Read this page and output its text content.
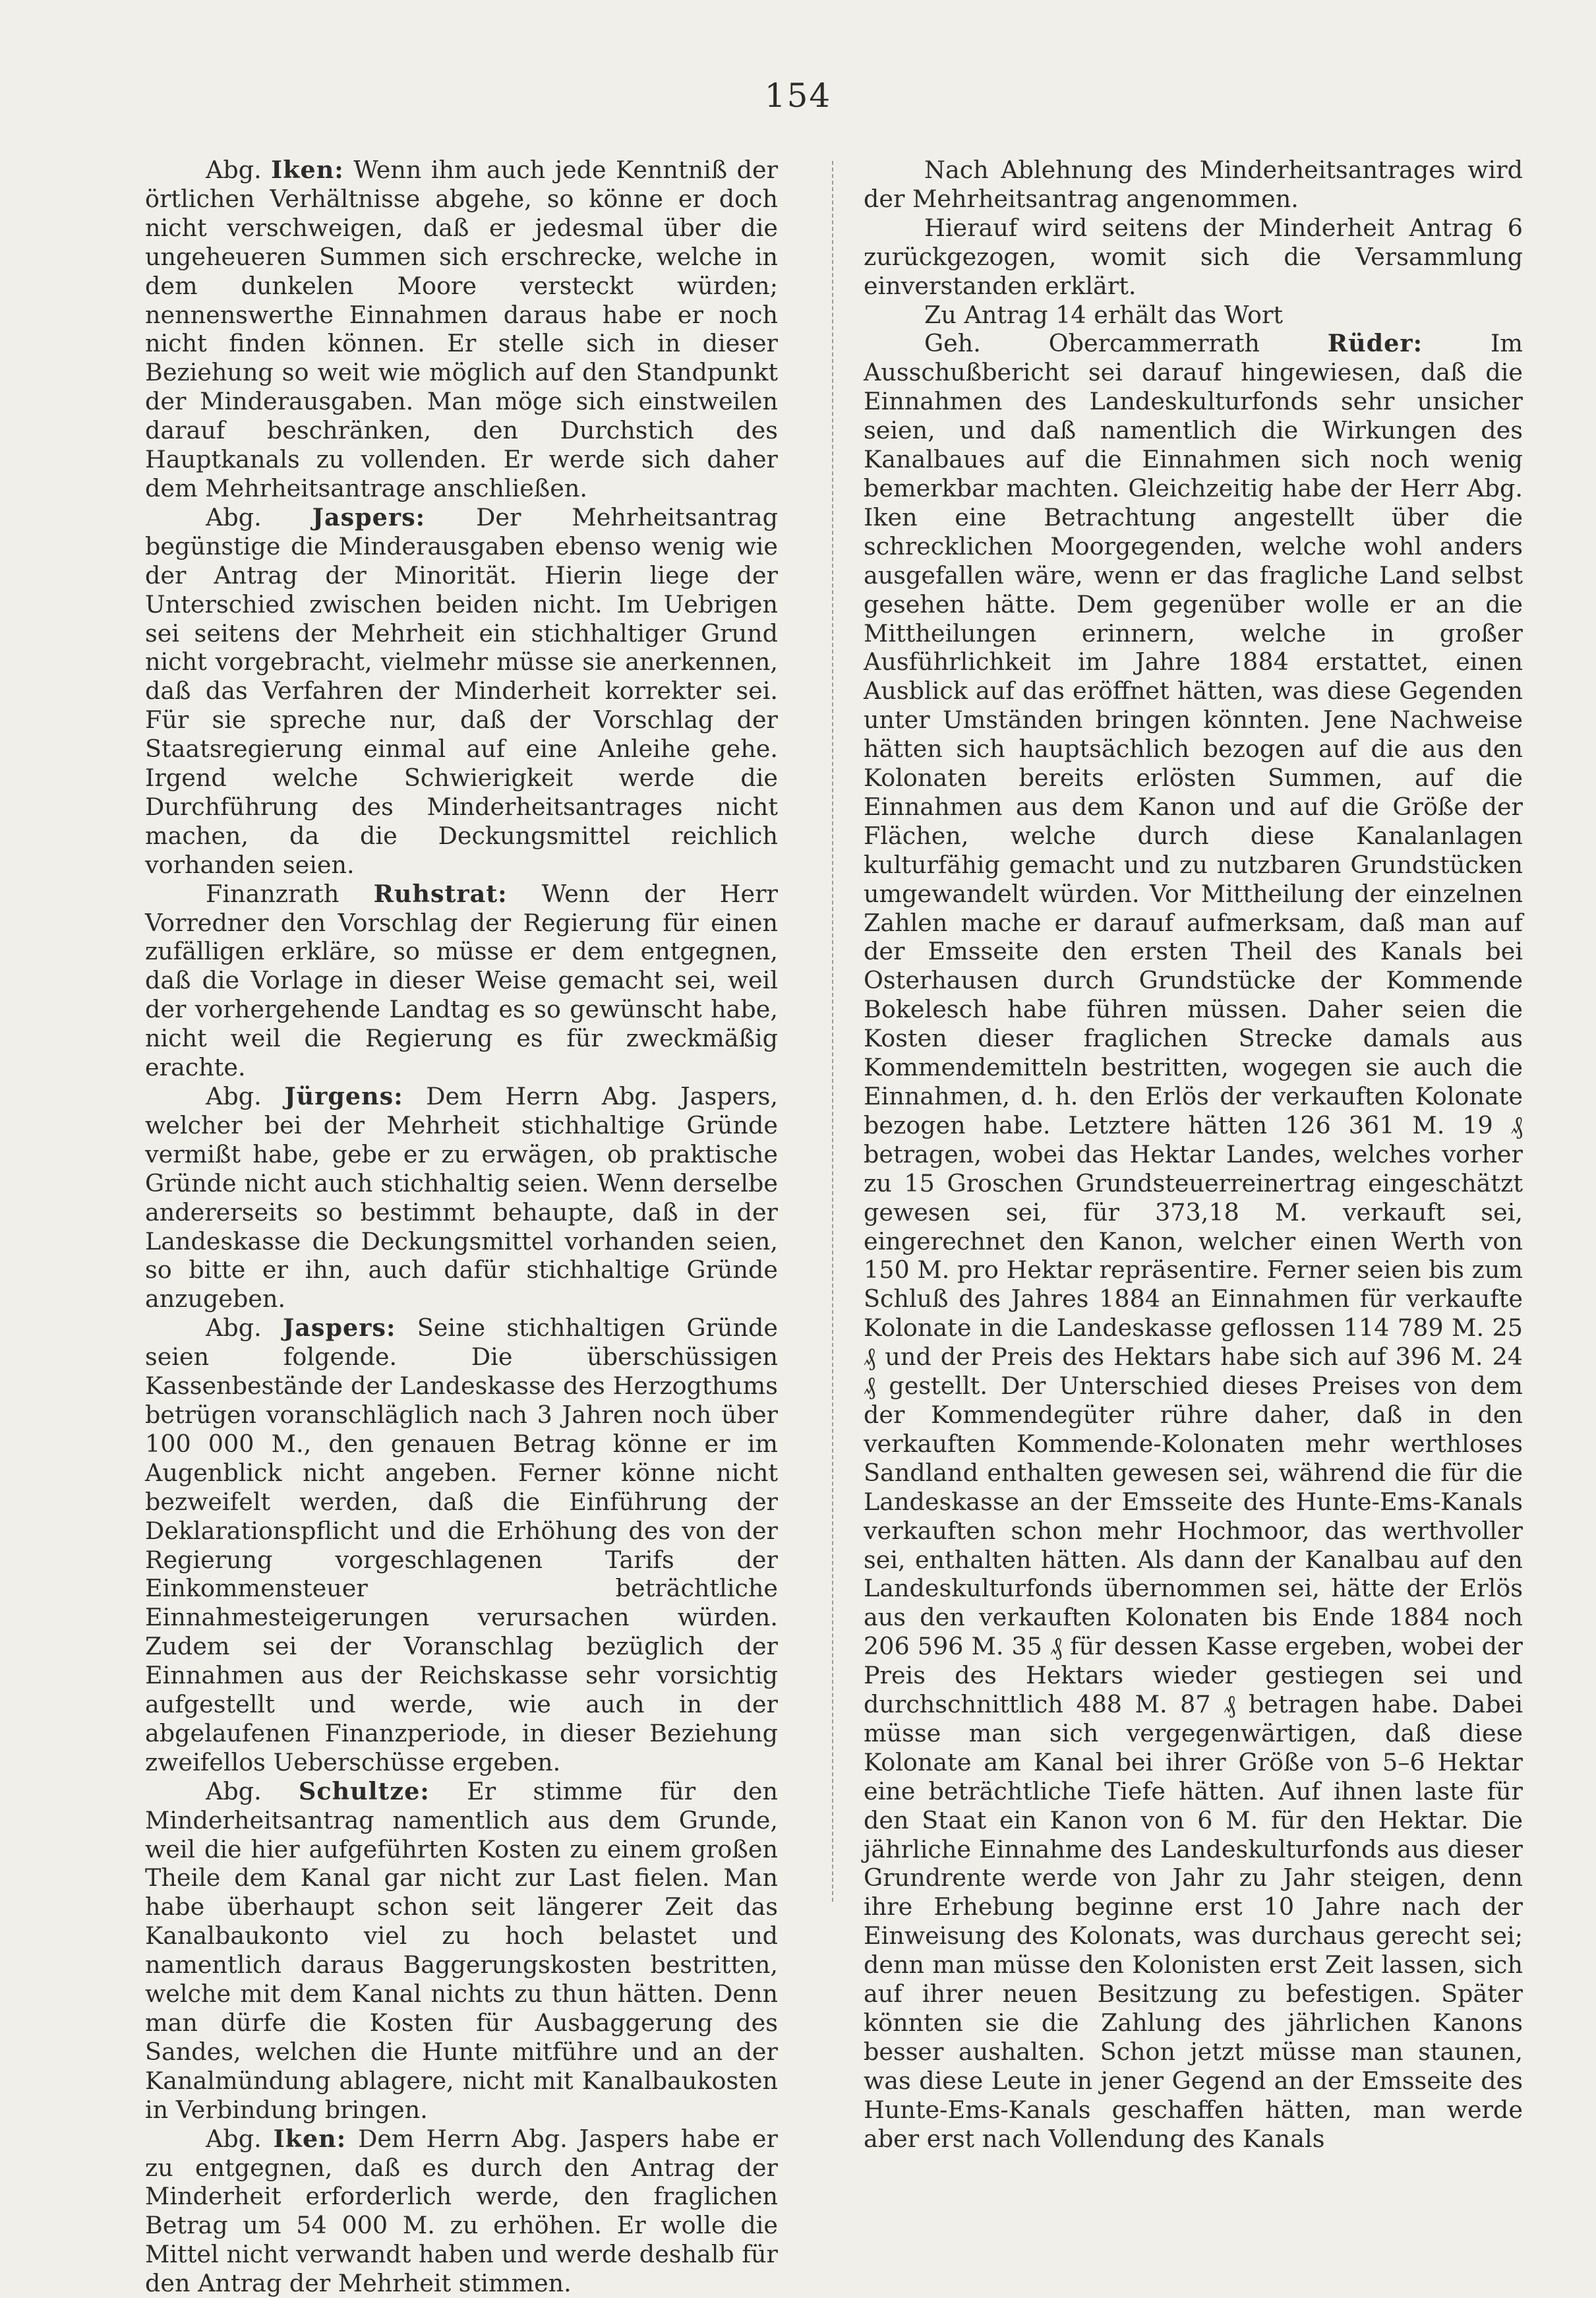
154

Abg. Iken: Wenn ihm auch jede Kenntniß der örtlichen Verhältnisse abgehe, so könne er doch nicht verschweigen, daß er jedesmal über die ungeheueren Summen sich erschrecke, welche in dem dunkelen Moore versteckt würden; nennenswerthe Einnahmen daraus habe er noch nicht finden können. Er stelle sich in dieser Beziehung so weit wie möglich auf den Standpunkt der Minderausgaben. Man möge sich einstweilen darauf beschränken, den Durchstich des Hauptkanals zu vollenden. Er werde sich daher dem Mehrheitsantrage anschließen.

Abg. Jaspers: Der Mehrheitsantrag begünstige die Minderausgaben ebenso wenig wie der Antrag der Minorität. Hierin liege der Unterschied zwischen beiden nicht. Im Uebrigen sei seitens der Mehrheit ein stichhaltiger Grund nicht vorgebracht, vielmehr müsse sie anerkennen, daß das Verfahren der Minderheit korrekter sei. Für sie spreche nur, daß der Vorschlag der Staatsregierung einmal auf eine Anleihe gehe. Irgend welche Schwierigkeit werde die Durchführung des Minderheitsantrages nicht machen, da die Deckungsmittel reichlich vorhanden seien.

Finanzrath Ruhstrat: Wenn der Herr Vorredner den Vorschlag der Regierung für einen zufälligen erkläre, so müsse er dem entgegnen, daß die Vorlage in dieser Weise gemacht sei, weil der vorhergehende Landtag es so gewünscht habe, nicht weil die Regierung es für zweckmäßig erachte.

Abg. Jürgens: Dem Herrn Abg. Jaspers, welcher bei der Mehrheit stichhaltige Gründe vermißt habe, gebe er zu erwägen, ob praktische Gründe nicht auch stichhaltig seien. Wenn derselbe andererseits so bestimmt behaupte, daß in der Landeskasse die Deckungsmittel vorhanden seien, so bitte er ihn, auch dafür stichhaltige Gründe anzugeben.

Abg. Jaspers: Seine stichhaltigen Gründe seien folgende. Die überschüssigen Kassenbestände der Landeskasse des Herzogthums betrügen voranschläglich nach 3 Jahren noch über 100 000 M., den genauen Betrag könne er im Augenblick nicht angeben. Ferner könne nicht bezweifelt werden, daß die Einführung der Deklarationspflicht und die Erhöhung des von der Regierung vorgeschlagenen Tarifs der Einkommensteuer beträchtliche Einnahmesteigerungen verursachen würden. Zudem sei der Voranschlag bezüglich der Einnahmen aus der Reichskasse sehr vorsichtig aufgestellt und werde, wie auch in der abgelaufenen Finanzperiode, in dieser Beziehung zweifellos Ueberschüsse ergeben.

Abg. Schultze: Er stimme für den Minderheitsantrag namentlich aus dem Grunde, weil die hier aufgeführten Kosten zu einem großen Theile dem Kanal gar nicht zur Last fielen. Man habe überhaupt schon seit längerer Zeit das Kanalbaukonto viel zu hoch belastet und namentlich daraus Baggerungskosten bestritten, welche mit dem Kanal nichts zu thun hätten. Denn man dürfe die Kosten für Ausbaggerung des Sandes, welchen die Hunte mitführe und an der Kanalmündung ablagere, nicht mit Kanalbaukosten in Verbindung bringen.

Abg. Iken: Dem Herrn Abg. Jaspers habe er zu entgegnen, daß es durch den Antrag der Minderheit erforderlich werde, den fraglichen Betrag um 54 000 M. zu erhöhen. Er wolle die Mittel nicht verwandt haben und werde deshalb für den Antrag der Mehrheit stimmen.

Nach Ablehnung des Minderheitsantrages wird der Mehrheitsantrag angenommen.

Hierauf wird seitens der Minderheit Antrag 6 zurückgezogen, womit sich die Versammlung einverstanden erklärt.

Zu Antrag 14 erhält das Wort

Geh. Obercammerrath	Rüder:	Im Ausschußbericht sei darauf hingewiesen, daß die Einnahmen des Landeskulturfonds sehr unsicher seien, und daß namentlich die Wirkungen des Kanalbaues auf die Einnahmen sich noch wenig bemerkbar machten. Gleichzeitig habe der Herr Abg. Iken eine Betrachtung angestellt über die schrecklichen Moorgegenden, welche wohl anders ausgefallen wäre, wenn er das fragliche Land selbst gesehen hätte. Dem gegenüber wolle er an die Mittheilungen erinnern, welche in großer Ausführlichkeit im Jahre 1884 erstattet, einen Ausblick auf das eröffnet hätten, was diese Gegenden unter Umständen bringen könnten. Jene Nachweise hätten sich hauptsächlich bezogen auf die aus den Kolonaten bereits erlösten Summen, auf die Einnahmen aus dem Kanon und auf die Größe der Flächen, welche durch diese Kanalanlagen kulturfähig gemacht und zu nutzbaren Grundstücken umgewandelt würden. Vor Mittheilung der einzelnen Zahlen mache er darauf aufmerksam, daß man auf der Emsseite den ersten Theil des Kanals bei Osterhausen durch Grundstücke der Kommende Bokelesch habe führen müssen. Daher seien die Kosten dieser fraglichen Strecke damals aus Kommendemitteln bestritten, wogegen sie auch die Einnahmen, d. h. den Erlös der verkauften Kolonate bezogen habe. Letztere hätten 126 361 M. 19 ₰ betragen, wobei das Hektar Landes, welches vorher zu 15 Groschen Grundsteuerreinertrag eingeschätzt gewesen sei, für 373,18 M. verkauft sei, eingerechnet den Kanon, welcher einen Werth von 150 M. pro Hektar repräsentire. Ferner seien bis zum Schluß des Jahres 1884 an Einnahmen für verkaufte Kolonate in die Landeskasse geflossen 114 789 M. 25 ₰ und der Preis des Hektars habe sich auf 396 M. 24 ₰ gestellt. Der Unterschied dieses Preises von dem der Kommendegüter rühre daher, daß in den verkauften Kommende-Kolonaten mehr werthloses Sandland enthalten gewesen sei, während die für die Landeskasse an der Emsseite des Hunte-Ems-Kanals verkauften schon mehr Hochmoor, das werthvoller sei, enthalten hätten. Als dann der Kanalbau auf den Landeskulturfonds übernommen sei, hätte der Erlös aus den verkauften Kolonaten bis Ende 1884 noch 206 596 M. 35 ₰ für dessen Kasse ergeben, wobei der Preis des Hektars wieder gestiegen sei und durchschnittlich 488 M. 87 ₰ betragen habe. Dabei müsse man sich vergegenwärtigen, daß diese Kolonate am Kanal bei ihrer Größe von 5–6 Hektar eine beträchtliche Tiefe hätten. Auf ihnen laste für den Staat ein Kanon von 6 M. für den Hektar. Die jährliche Einnahme des Landeskulturfonds aus dieser Grundrente werde von Jahr zu Jahr steigen, denn ihre Erhebung beginne erst 10 Jahre nach der Einweisung des Kolonats, was durchaus gerecht sei; denn man müsse den Kolonisten erst Zeit lassen, sich auf ihrer neuen Besitzung zu befestigen. Später könnten sie die Zahlung des jährlichen Kanons besser aushalten. Schon jetzt müsse man staunen, was diese Leute in jener Gegend an der Emsseite des Hunte-Ems-Kanals geschaffen hätten, man werde aber erst nach Vollendung des Kanals
